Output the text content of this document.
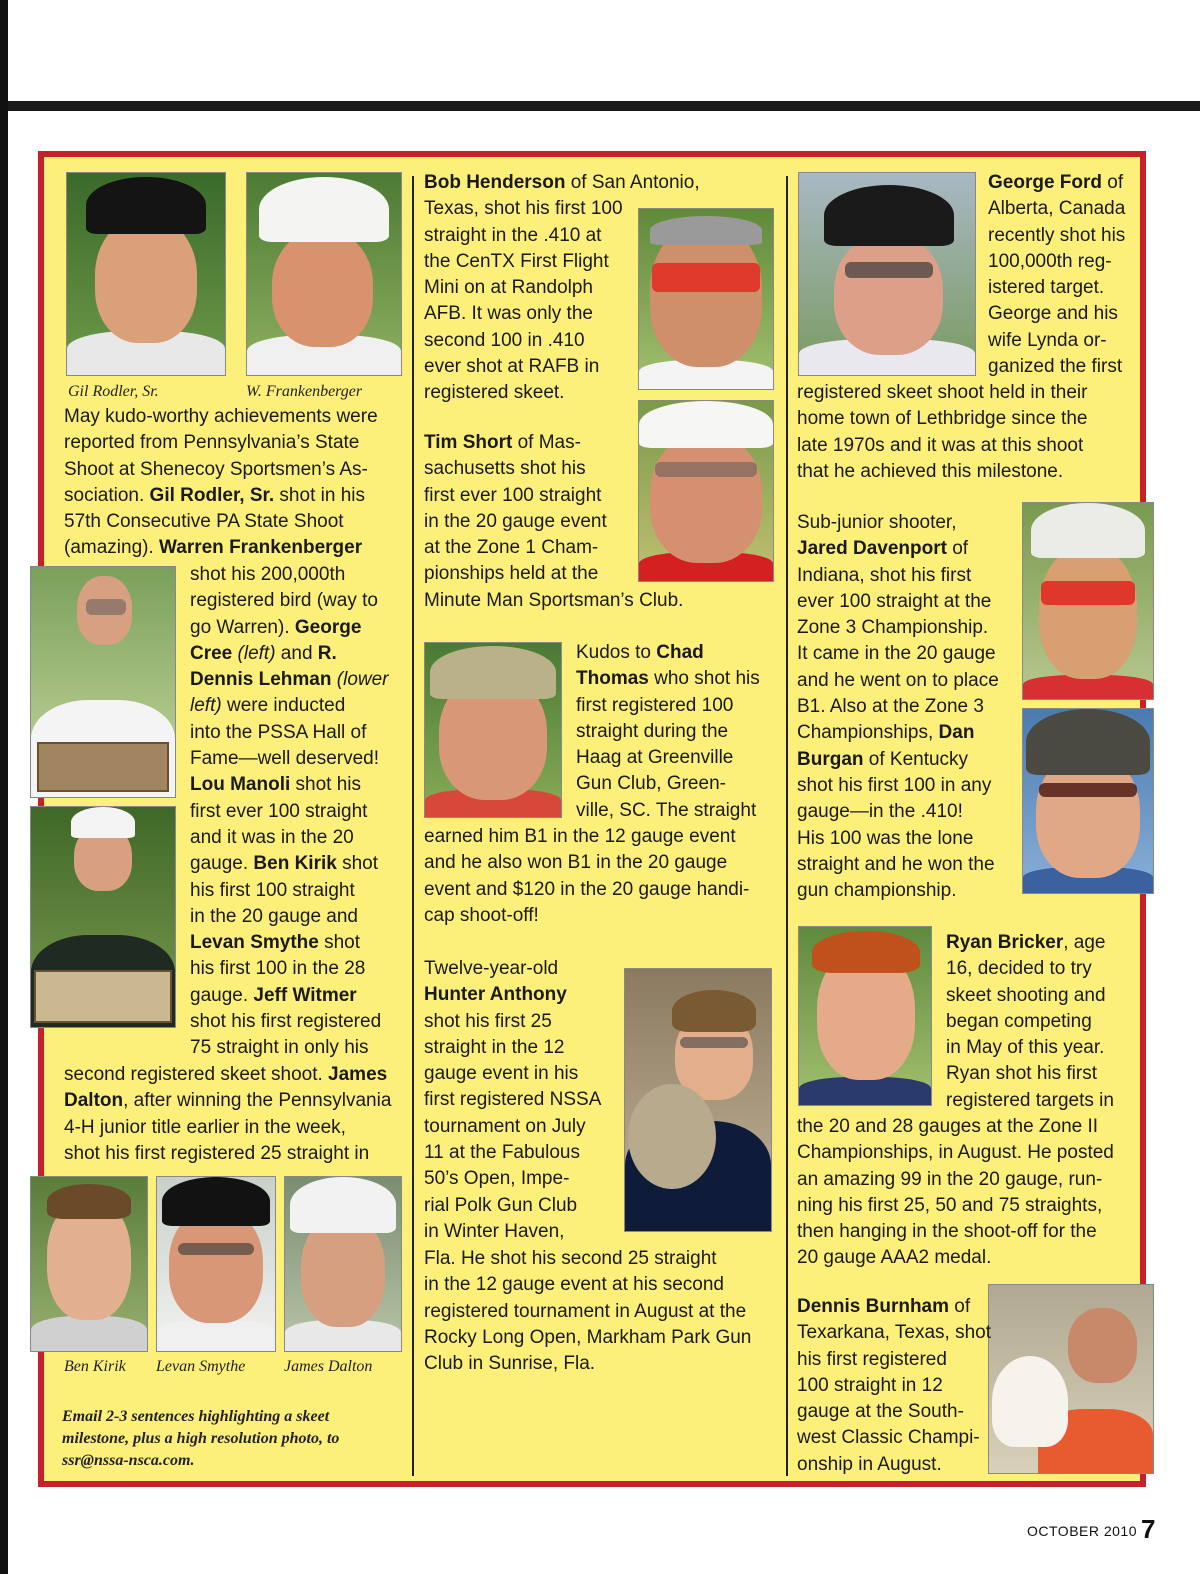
Gil Rodler, Sr.	W. Frankenberger
Ben Kirik Levan Smythe James Dalton
May kudo-worthy achievements were
reported from Pennsylvania’s State
Shoot at Shenecoy Sportsmen’s As-
sociation. Gil Rodler, Sr. shot in his
57th Consecutive PA State Shoot
(amazing). Warren Frankenberger
shot his 200,000th
registered bird (way to
go Warren). George
Cree (left) and R.
Dennis Lehman (lower
left) were inducted
into the PSSA Hall of
Fame—well deserved!
Lou Manoli shot his
first ever 100 straight
and it was in the 20
gauge. Ben Kirik shot
his first 100 straight
in the 20 gauge and
Levan Smythe shot
his first 100 in the 28
gauge. Jeff Witmer
shot his first registered
75 straight in only his
second registered skeet shoot. James
Dalton, after winning the Pennsylvania
4-H junior title earlier in the week,
shot his first registered 25 straight in
Email 2-3 sentences highlighting a skeet
milestone, plus a high resolution photo, to
ssr@nssa-nsca.com.
Bob Henderson of San Antonio,
Texas, shot his first 100
straight in the .410 at
the CenTX First Flight
Mini on at Randolph
AFB. It was only the
second 100 in .410
ever shot at RAFB in
registered skeet.
Tim Short of Mas-
sachusetts shot his
first ever 100 straight
in the 20 gauge event
at the Zone 1 Cham-
pionships held at the
Minute Man Sportsman’s Club.
Kudos to Chad
Thomas who shot his
first registered 100
straight during the
Haag at Greenville
Gun Club, Green-
ville, SC. The straight
earned him B1 in the 12 gauge event
and he also won B1 in the 20 gauge
event and $120 in the 20 gauge handi-
cap shoot-off!
Twelve-year-old
Hunter Anthony
shot his first 25
straight in the 12
gauge event in his
first registered NSSA
tournament on July
11 at the Fabulous
50’s Open, Impe-
rial Polk Gun Club
in Winter Haven,
Fla. He shot his second 25 straight
in the 12 gauge event at his second
registered tournament in August at the
Rocky Long Open, Markham Park Gun
Club in Sunrise, Fla.
George Ford of
Alberta, Canada
recently shot his
100,000th reg-
istered target.
George and his
wife Lynda or-
ganized the first
registered skeet shoot held in their
home town of Lethbridge since the
late 1970s and it was at this shoot
that he achieved this milestone.
Sub-junior shooter,
Jared Davenport of
Indiana, shot his first
ever 100 straight at the
Zone 3 Championship.
It came in the 20 gauge
and he went on to place
B1. Also at the Zone 3
Championships, Dan
Burgan of Kentucky
shot his first 100 in any
gauge—in the .410!
His 100 was the lone
straight and he won the
gun championship.
Ryan Bricker, age
16, decided to try
skeet shooting and
began competing
in May of this year.
Ryan shot his first
registered targets in
the 20 and 28 gauges at the Zone II
Championships, in August. He posted
an amazing 99 in the 20 gauge, run-
ning his first 25, 50 and 75 straights,
then hanging in the shoot-off for the
20 gauge AAA2 medal.
Dennis Burnham of
Texarkana, Texas, shot
his first registered
100 straight in 12
gauge at the South-
west Classic Champi-
onship in August.
OCTOBER 2010 7
